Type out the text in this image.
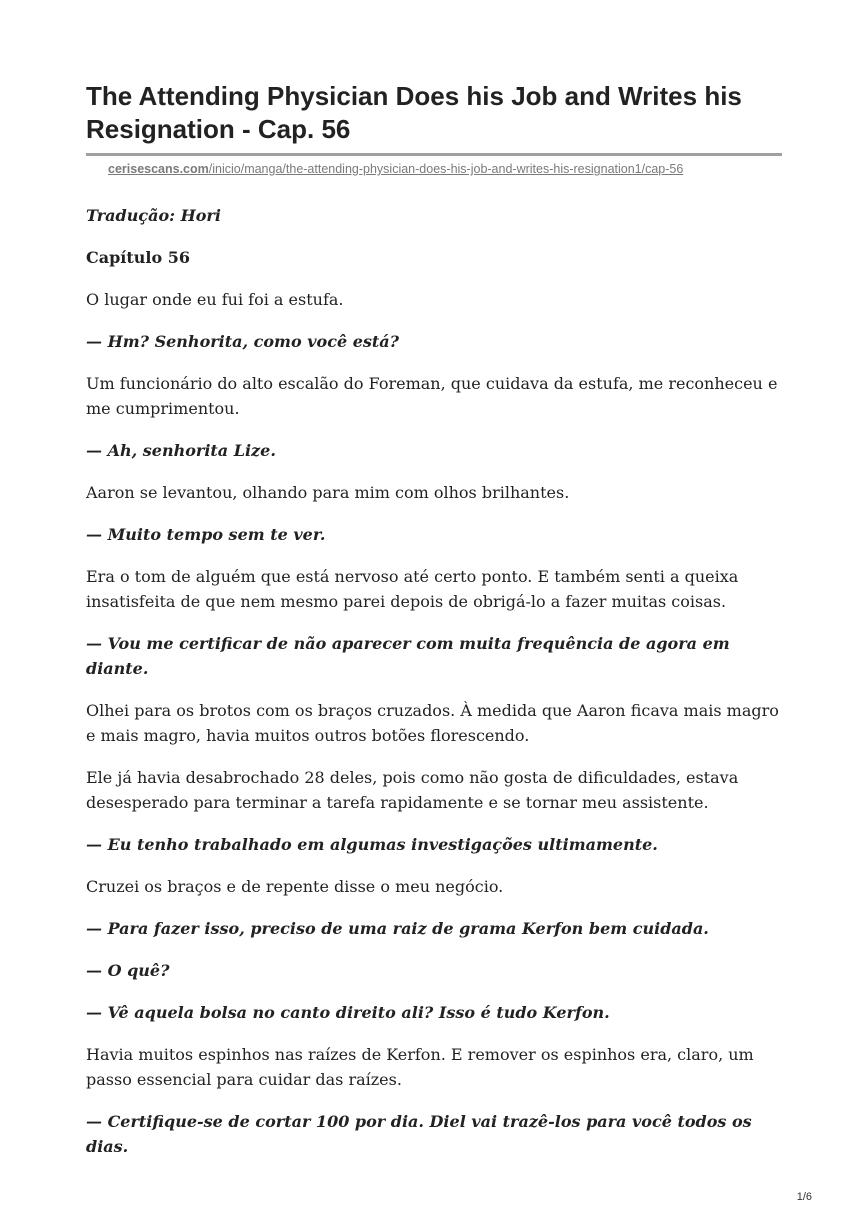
The Attending Physician Does his Job and Writes his Resignation - Cap. 56
cerisescans.com/inicio/manga/the-attending-physician-does-his-job-and-writes-his-resignation1/cap-56

Tradução: Hori

Capítulo 56

O lugar onde eu fui foi a estufa.

— Hm? Senhorita, como você está?

Um funcionário do alto escalão do Foreman, que cuidava da estufa, me reconheceu e me cumprimentou.

— Ah, senhorita Lize.

Aaron se levantou, olhando para mim com olhos brilhantes.

— Muito tempo sem te ver.

Era o tom de alguém que está nervoso até certo ponto. E também senti a queixa insatisfeita de que nem mesmo parei depois de obrigá-lo a fazer muitas coisas.

— Vou me certificar de não aparecer com muita frequência de agora em diante.

Olhei para os brotos com os braços cruzados. À medida que Aaron ficava mais magro e mais magro, havia muitos outros botões florescendo.

Ele já havia desabrochado 28 deles, pois como não gosta de dificuldades, estava desesperado para terminar a tarefa rapidamente e se tornar meu assistente.

— Eu tenho trabalhado em algumas investigações ultimamente.

Cruzei os braços e de repente disse o meu negócio.

— Para fazer isso, preciso de uma raiz de grama Kerfon bem cuidada.

— O quê?

— Vê aquela bolsa no canto direito ali? Isso é tudo Kerfon.

Havia muitos espinhos nas raízes de Kerfon. E remover os espinhos era, claro, um passo essencial para cuidar das raízes.

— Certifique-se de cortar 100 por dia. Diel vai trazê-los para você todos os dias.

1/6
